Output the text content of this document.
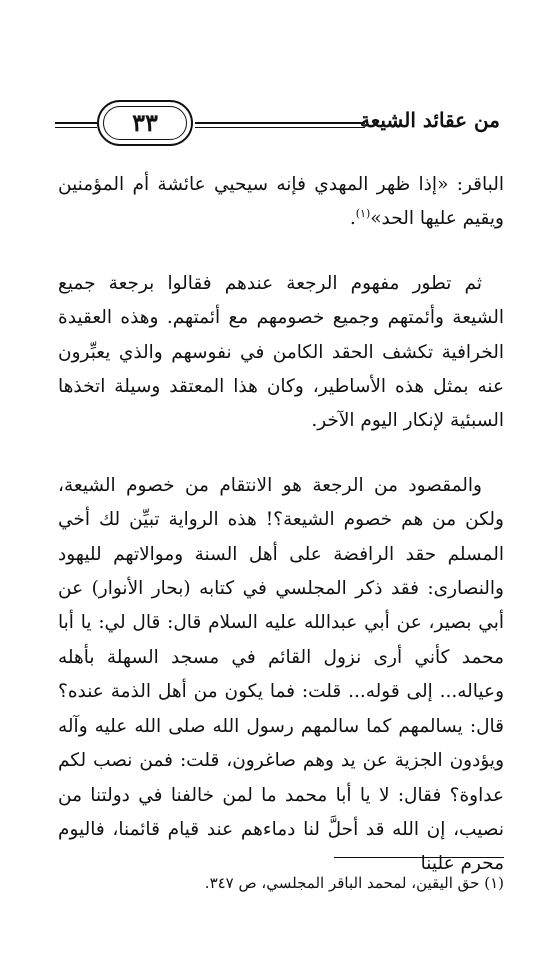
من عقائد الشيعة
٣٣

الباقر: «إذا ظهر المهدي فإنه سيحيي عائشة أم المؤمنين ويقيم عليها الحد»$^{(١)}$.

ثم تطور مفهوم الرجعة عندهم فقالوا برجعة جميع الشيعة وأئمتهم وجميع خصومهم مع أئمتهم. وهذه العقيدة الخرافية تكشف الحقد الكامن في نفوسهم والذي يعبِّرون عنه بمثل هذه الأساطير، وكان هذا المعتقد وسيلة اتخذها السبئية لإنكار اليوم الآخر.

والمقصود من الرجعة هو الانتقام من خصوم الشيعة، ولكن من هم خصوم الشيعة؟! هذه الرواية تبيِّن لك أخي المسلم حقد الرافضة على أهل السنة وموالاتهم لليهود والنصارى: فقد ذكر المجلسي في كتابه (بحار الأنوار) عن أبي بصير، عن أبي عبدالله عليه السلام قال: قال لي: يا أبا محمد كأني أرى نزول القائم في مسجد السهلة بأهله وعياله... إلى قوله... قلت: فما يكون من أهل الذمة عنده؟ قال: يسالمهم كما سالمهم رسول الله صلى الله عليه وآله ويؤدون الجزية عن يد وهم صاغرون، قلت: فمن نصب لكم عداوة؟ فقال: لا يا أبا محمد ما لمن خالفنا في دولتنا من نصيب، إن الله قد أحلَّ لنا دماءهم عند قيام قائمنا، فاليوم محرم علينا

(١) حق اليقين، لمحمد الباقر المجلسي، ص ٣٤٧.
